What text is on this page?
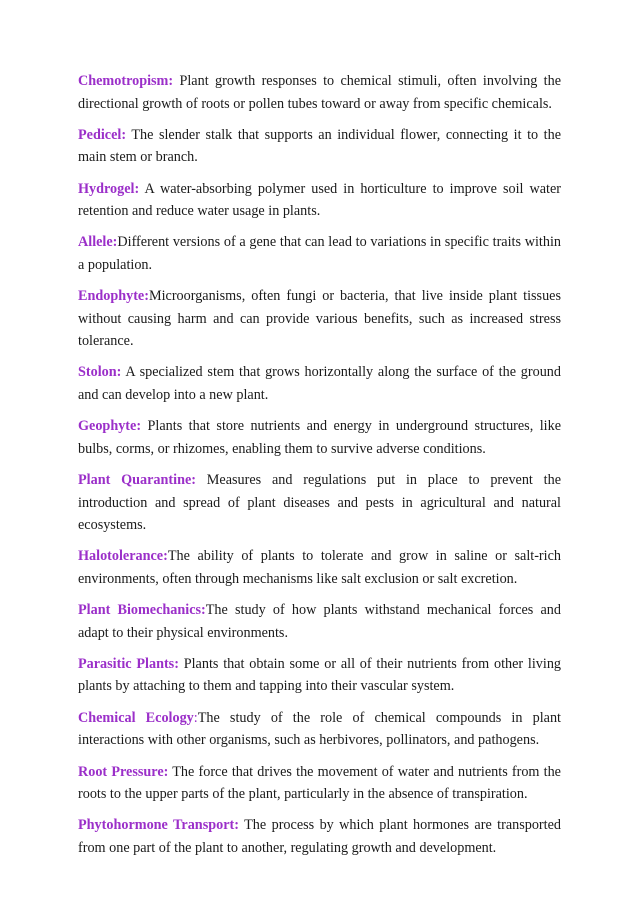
Chemotropism: Plant growth responses to chemical stimuli, often involving the directional growth of roots or pollen tubes toward or away from specific chemicals.

Pedicel: The slender stalk that supports an individual flower, connecting it to the main stem or branch.

Hydrogel: A water-absorbing polymer used in horticulture to improve soil water retention and reduce water usage in plants.

Allele:Different versions of a gene that can lead to variations in specific traits within a population.

Endophyte:Microorganisms, often fungi or bacteria, that live inside plant tissues without causing harm and can provide various benefits, such as increased stress tolerance.

Stolon: A specialized stem that grows horizontally along the surface of the ground and can develop into a new plant.

Geophyte: Plants that store nutrients and energy in underground structures, like bulbs, corms, or rhizomes, enabling them to survive adverse conditions.

Plant Quarantine: Measures and regulations put in place to prevent the introduction and spread of plant diseases and pests in agricultural and natural ecosystems.

Halotolerance:The ability of plants to tolerate and grow in saline or salt-rich environments, often through mechanisms like salt exclusion or salt excretion.

Plant Biomechanics:The study of how plants withstand mechanical forces and adapt to their physical environments.

Parasitic Plants: Plants that obtain some or all of their nutrients from other living plants by attaching to them and tapping into their vascular system.

Chemical Ecology:The study of the role of chemical compounds in plant interactions with other organisms, such as herbivores, pollinators, and pathogens.

Root Pressure: The force that drives the movement of water and nutrients from the roots to the upper parts of the plant, particularly in the absence of transpiration.

Phytohormone Transport: The process by which plant hormones are transported from one part of the plant to another, regulating growth and development.
